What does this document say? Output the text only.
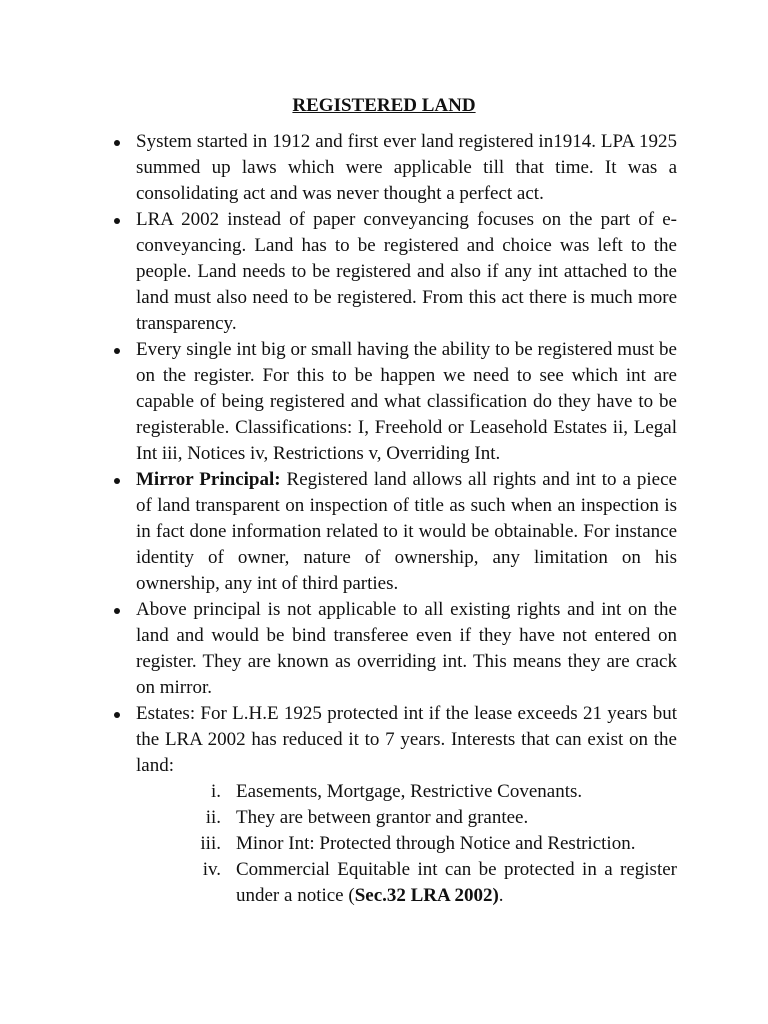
REGISTERED LAND
System started in 1912 and first ever land registered in1914. LPA 1925 summed up laws which were applicable till that time. It was a consolidating act and was never thought a perfect act.
LRA 2002 instead of paper conveyancing focuses on the part of e-conveyancing. Land has to be registered and choice was left to the people. Land needs to be registered and also if any int attached to the land must also need to be registered. From this act there is much more transparency.
Every single int big or small having the ability to be registered must be on the register. For this to be happen we need to see which int are capable of being registered and what classification do they have to be registerable. Classifications: I, Freehold or Leasehold Estates ii, Legal Int iii, Notices iv, Restrictions v, Overriding Int.
Mirror Principal: Registered land allows all rights and int to a piece of land transparent on inspection of title as such when an inspection is in fact done information related to it would be obtainable. For instance identity of owner, nature of ownership, any limitation on his ownership, any int of third parties.
Above principal is not applicable to all existing rights and int on the land and would be bind transferee even if they have not entered on register. They are known as overriding int. This means they are crack on mirror.
Estates: For L.H.E 1925 protected int if the lease exceeds 21 years but the LRA 2002 has reduced it to 7 years. Interests that can exist on the land:
i. Easements, Mortgage, Restrictive Covenants.
ii. They are between grantor and grantee.
iii. Minor Int: Protected through Notice and Restriction.
iv. Commercial Equitable int can be protected in a register under a notice (Sec.32 LRA 2002).
